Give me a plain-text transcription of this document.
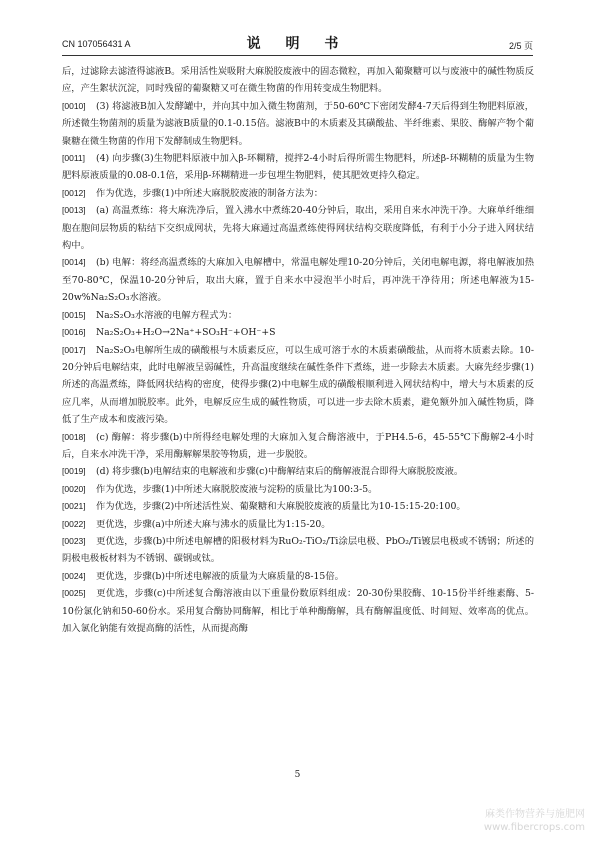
CN 107056431 A	说 明 书	2/5 页

后，过滤除去滤渣得滤液B。采用活性炭吸附大麻脱胶废液中的固态微粒，再加入葡聚糖可以与废液中的碱性物质反应，产生絮状沉淀，同时残留的葡聚糖又可在微生物菌的作用转变成生物肥料。

[0010] (3) 将滤液B加入发酵罐中，并向其中加入微生物菌剂，于50-60℃下密闭发酵4-7天后得到生物肥料原液，所述微生物菌剂的质量为滤液B质量的0.1-0.15倍。滤液B中的木质素及其磺酸盐、半纤维素、果胶、酶解产物个葡聚糖在微生物菌的作用下发酵制成生物肥料。

[0011] (4) 向步骤(3)生物肥料原液中加入β-环糊精，搅拌2-4小时后得所需生物肥料，所述β-环糊精的质量为生物肥料原液质量的0.08-0.1倍，采用β-环糊精进一步包埋生物肥料，使其肥效更持久稳定。

[0012] 作为优选，步骤(1)中所述大麻脱胶废液的制备方法为：

[0013] (a) 高温煮练：将大麻洗净后，置入沸水中煮练20-40分钟后，取出，采用自来水冲洗干净。大麻单纤维细胞在胞间层物质的粘结下交织成网状，先将大麻通过高温煮练使得网状结构交联度降低，有利于小分子进入网状结构中。

[0014] (b) 电解：将经高温煮练的大麻加入电解槽中，常温电解处理10-20分钟后，关闭电解电源，将电解液加热至70-80℃，保温10-20分钟后，取出大麻，置于自来水中浸泡半小时后，再冲洗干净待用；所述电解液为15-20w%Na₂S₂O₃水溶液。

[0015] Na₂S₂O₃水溶液的电解方程式为：

[0016] Na₂S₂O₃+H₂O→2Na⁺+SO₃H⁻+OH⁻+S

[0017] Na₂S₂O₃电解所生成的磺酸根与木质素反应，可以生成可溶于水的木质素磺酸盐，从而将木质素去除。10-20分钟后电解结束，此时电解液呈弱碱性，升高温度继续在碱性条件下煮练，进一步除去木质素。大麻先经步骤(1)所述的高温煮练，降低网状结构的密度，使得步骤(2)中电解生成的磺酸根顺利进入网状结构中，增大与木质素的反应几率，从而增加脱胶率。此外，电解反应生成的碱性物质，可以进一步去除木质素，避免额外加入碱性物质，降低了生产成本和废液污染。

[0018] (c) 酶解：将步骤(b)中所得经电解处理的大麻加入复合酶溶液中，于PH4.5-6，45-55℃下酶解2-4小时后，自来水冲洗干净，采用酶解解果胶等物质，进一步脱胶。

[0019] (d) 将步骤(b)电解结束的电解液和步骤(c)中酶解结束后的酶解液混合即得大麻脱胶废液。

[0020] 作为优选，步骤(1)中所述大麻脱胶废液与淀粉的质量比为100:3-5。

[0021] 作为优选，步骤(2)中所述活性炭、葡聚糖和大麻脱胶废液的质量比为10-15:15-20:100。

[0022] 更优选，步骤(a)中所述大麻与沸水的质量比为1:15-20。

[0023] 更优选，步骤(b)中所述电解槽的阳极材料为RuO₂-TiO₂/Ti涂层电极、PbO₂/Ti镀层电极或不锈钢；所述的阴极电极板材料为不锈钢、碳钢或钛。

[0024] 更优选，步骤(b)中所述电解液的质量为大麻质量的8-15倍。

[0025] 更优选，步骤(c)中所述复合酶溶液由以下重量份数原料组成：20-30份果胶酶、10-15份半纤维素酶、5-10份氯化钠和50-60份水。采用复合酶协同酶解，相比于单种酶酶解，具有酶解温度低、时间短、效率高的优点。加入氯化钠能有效提高酶的活性，从而提高酶

5
麻类作物营养与施肥网
www.fibercrops.com
